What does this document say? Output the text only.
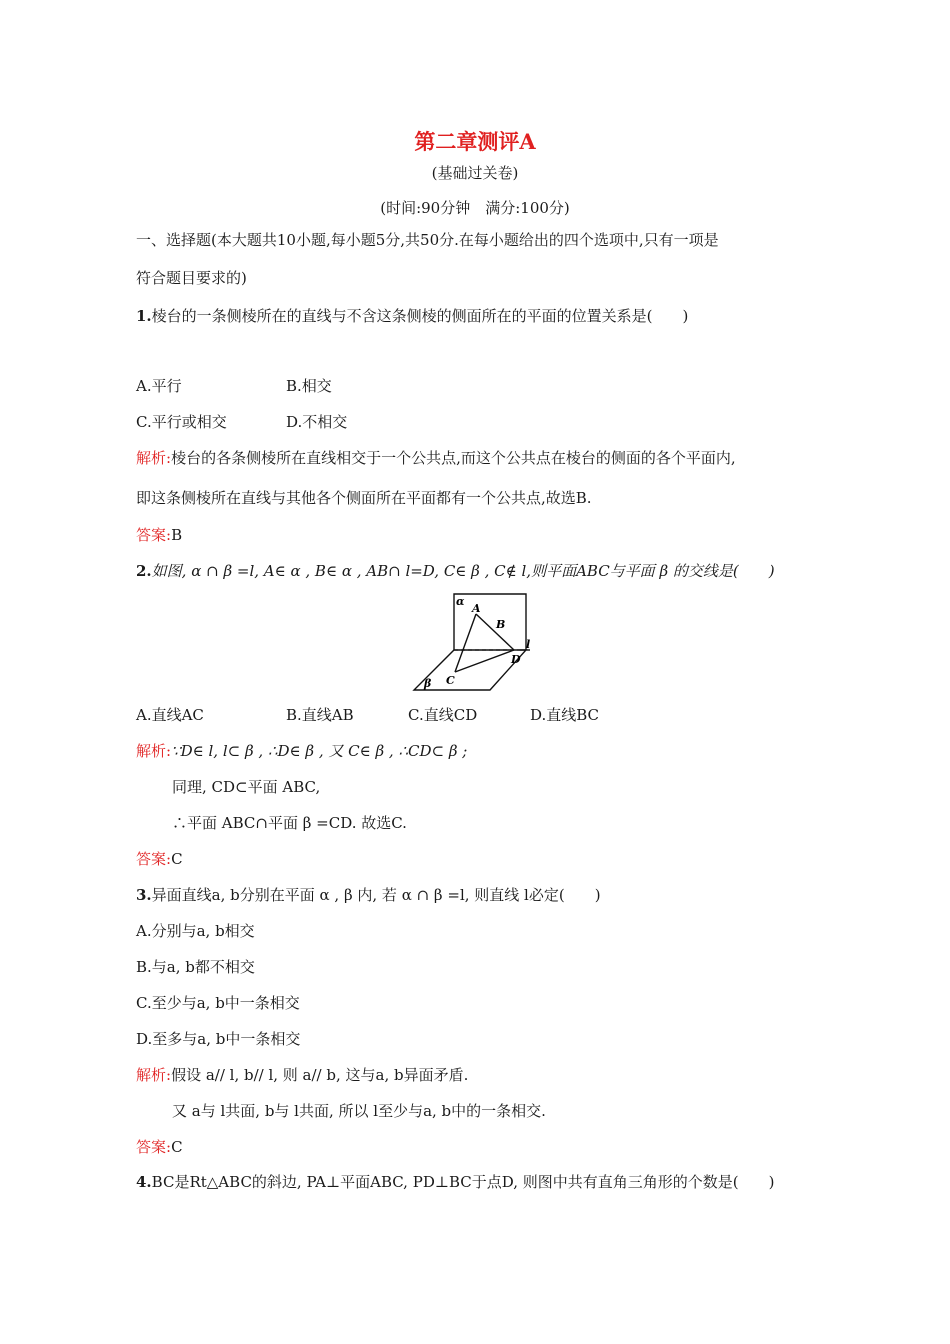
第二章测评A
(基础过关卷)
(时间:90分钟　满分:100分)
一、选择题(本大题共10小题,每小题5分,共50分.在每小题给出的四个选项中,只有一项是
符合题目要求的)
1.棱台的一条侧棱所在的直线与不含这条侧棱的侧面所在的平面的位置关系是(　　)
A.平行	B.相交
C.平行或相交	D.不相交
解析:棱台的各条侧棱所在直线相交于一个公共点,而这个公共点在棱台的侧面的各个平面内,
即这条侧棱所在直线与其他各个侧面所在平面都有一个公共点,故选B.
答案:B
2.如图, α ∩ β =l, A∈ α , B∈ α , AB∩ l=D, C∈ β , C∉ l,则平面ABC与平面 β 的交线是(　　)
α
A
B
D
l
C
β
A.直线AC	B.直线AB	C.直线CD	D.直线BC
解析:∵D∈ l, l⊂ β , ∴D∈ β , 又 C∈ β , ∴CD⊂ β ;
同理, CD⊂平面 ABC,
∴平面 ABC∩平面 β =CD. 故选C.
答案:C
3.异面直线a, b分别在平面 α , β 内, 若 α ∩ β =l, 则直线 l必定(　　)
A.分别与a, b相交
B.与a, b都不相交
C.至少与a, b中一条相交
D.至多与a, b中一条相交
解析:假设 a// l, b// l, 则 a// b, 这与a, b异面矛盾.
又 a与 l共面, b与 l共面, 所以 l至少与a, b中的一条相交.
答案:C
4.BC是Rt△ABC的斜边, PA⊥平面ABC, PD⊥BC于点D, 则图中共有直角三角形的个数是(　　)
